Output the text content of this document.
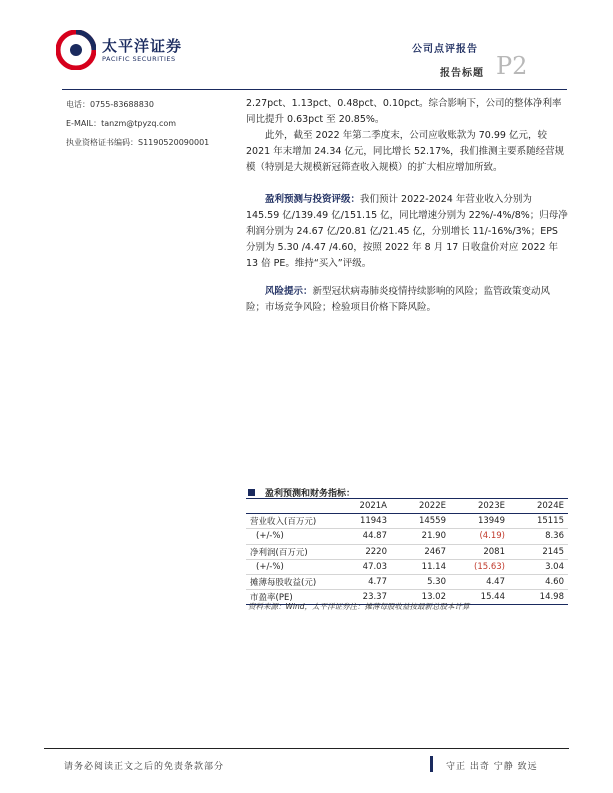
太平洋证券
PACIFIC SECURITIES
公司点评报告
报告标题 P2
电话：0755-83688830
E-MAIL：tanzm@tpyzq.com
执业资格证书编码：S1190520090001
2.27pct、1.13pct、0.48pct、0.10pct。综合影响下，公司的整体净利率同比提升 0.63pct 至 20.85%。
此外，截至 2022 年第二季度末，公司应收账款为 70.99 亿元，较 2021 年末增加 24.34 亿元，同比增长 52.17%，我们推测主要系随经营规模（特别是大规模新冠筛查收入规模）的扩大相应增加所致。
盈利预测与投资评级：我们预计 2022-2024 年营业收入分别为 145.59 亿/139.49 亿/151.15 亿，同比增速分别为 22%/-4%/8%；归母净利润分别为 24.67 亿/20.81 亿/21.45 亿，分别增长 11/-16%/3%；EPS 分别为 5.30 /4.47 /4.60，按照 2022 年 8 月 17 日收盘价对应 2022 年 13 倍 PE。维持“买入”评级。
风险提示：新型冠状病毒肺炎疫情持续影响的风险；监管政策变动风险；市场竞争风险；检验项目价格下降风险。
盈利预测和财务指标：
	2021A	2022E	2023E	2024E
营业收入(百万元)	11943	14559	13949	15115
(+/-%)	44.87	21.90	(4.19)	8.36
净利润(百万元)	2220	2467	2081	2145
(+/-%)	47.03	11.14	(15.63)	3.04
摊薄每股收益(元)	4.77	5.30	4.47	4.60
市盈率(PE)	23.37	13.02	15.44	14.98
资料来源：Wind，太平洋证券注：摊薄每股收益按最新总股本计算
请务必阅读正文之后的免责条款部分	守正 出奇 宁静 致远
